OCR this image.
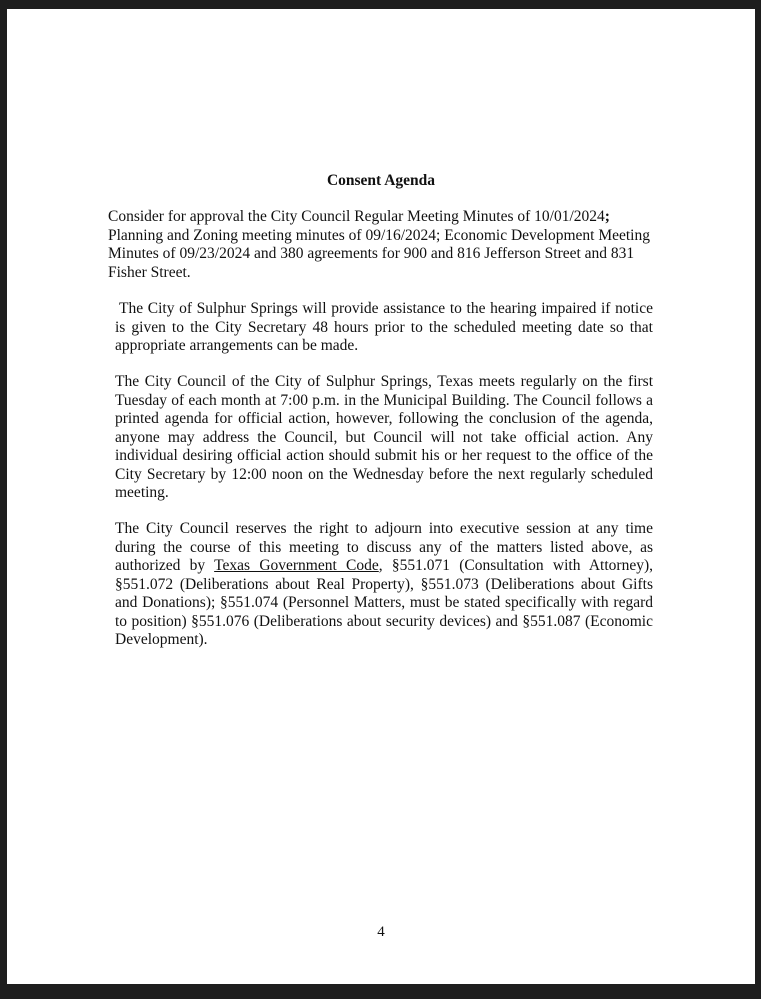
Consent Agenda

Consider for approval the City Council Regular Meeting Minutes of 10/01/2024; Planning and Zoning meeting minutes of 09/16/2024; Economic Development Meeting Minutes of 09/23/2024 and 380 agreements for 900 and 816 Jefferson Street and 831 Fisher Street.

The City of Sulphur Springs will provide assistance to the hearing impaired if notice is given to the City Secretary 48 hours prior to the scheduled meeting date so that appropriate arrangements can be made.

The City Council of the City of Sulphur Springs, Texas meets regularly on the first Tuesday of each month at 7:00 p.m. in the Municipal Building. The Council follows a printed agenda for official action, however, following the conclusion of the agenda, anyone may address the Council, but Council will not take official action. Any individual desiring official action should submit his or her request to the office of the City Secretary by 12:00 noon on the Wednesday before the next regularly scheduled meeting.

The City Council reserves the right to adjourn into executive session at any time during the course of this meeting to discuss any of the matters listed above, as authorized by Texas Government Code, §551.071 (Consultation with Attorney), §551.072 (Deliberations about Real Property), §551.073 (Deliberations about Gifts and Donations); §551.074 (Personnel Matters, must be stated specifically with regard to position) §551.076 (Deliberations about security devices) and §551.087 (Economic Development).

4
